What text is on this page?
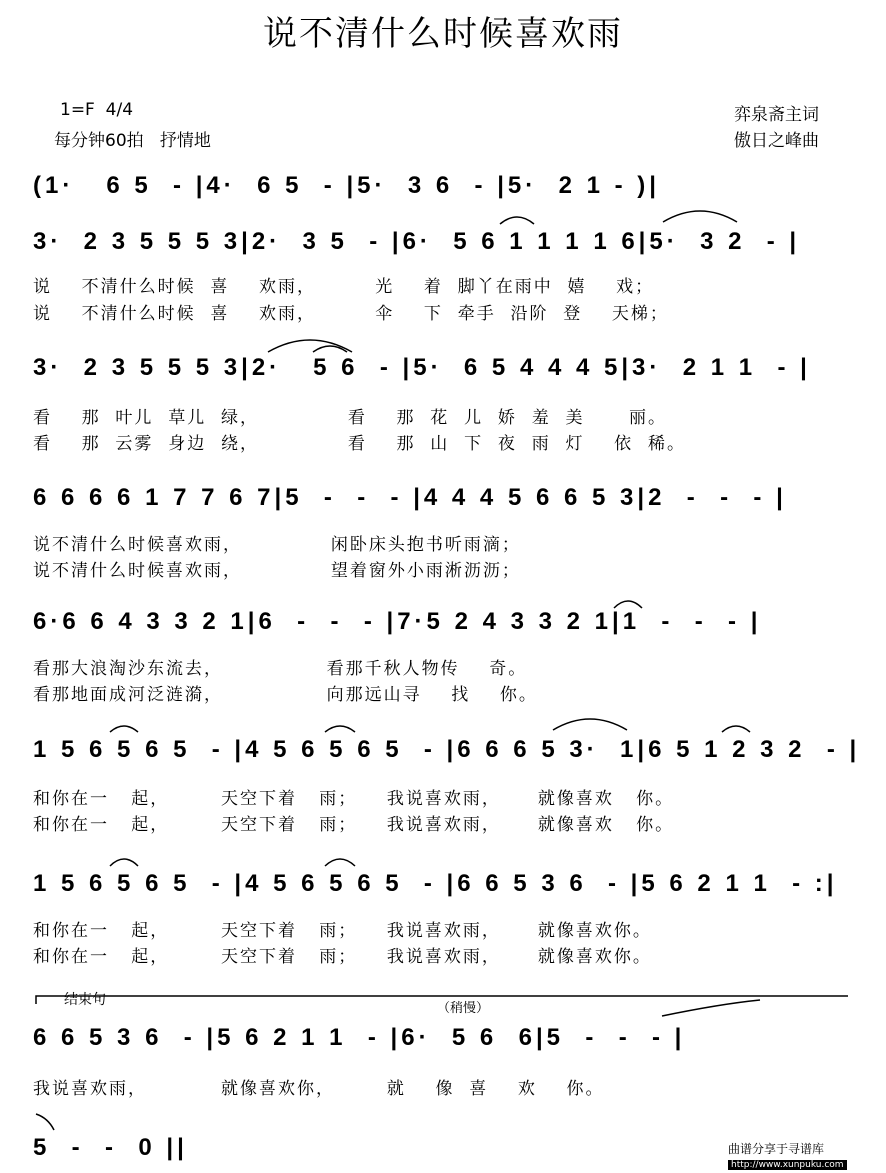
说不清什么时候喜欢雨
1=F  4/4
每分钟60拍   抒情地
弈泉斋主词
傲日之峰曲
(1·   6 5  - |4·  6 5  - |5·  3 6  - |5·  2 1 - )|
3·  2 3 5 5 5 3|2·  3 5  - |6·  5 6 1 1 1 1 6|5·  3 2  - |
说    不清什么时候  喜    欢雨，        光    着  脚丫在雨中  嬉    戏；
说    不清什么时候  喜    欢雨，        伞    下  牵手  沿阶  登    天梯；
3·  2 3 5 5 5 3|2·   5 6  - |5·  6 5 4 4 4 5|3·  2 1 1  - |
看    那  叶儿  草儿  绿，            看    那  花  儿  娇  羞  美      丽。
看    那  云雾  身边  绕，            看    那  山  下  夜  雨  灯    依  稀。
6 6 6 6 1 7 7 6 7|5  -  -  - |4 4 4 5 6 6 5 3|2  -  -  - |
说不清什么时候喜欢雨，            闲卧床头抱书听雨滴；
说不清什么时候喜欢雨，            望着窗外小雨淅沥沥；
6·6 6 4 3 3 2 1|6  -  -  - |7·5 2 4 3 3 2 1|1  -  -  - |
看那大浪淘沙东流去，              看那千秋人物传    奇。
看那地面成河泛涟漪，              向那远山寻    找    你。
1 5 6 5 6 5  - |4 5 6 5 6 5  - |6 6 6 5 3·  1|6 5 1 2 3 2  - |
和你在一   起，       天空下着   雨；    我说喜欢雨，     就像喜欢   你。
和你在一   起，       天空下着   雨；    我说喜欢雨，     就像喜欢   你。
1 5 6 5 6 5  - |4 5 6 5 6 5  - |6 6 5 3 6  - |5 6 2 1 1  - :|
和你在一   起，       天空下着   雨；    我说喜欢雨，     就像喜欢你。
和你在一   起，       天空下着   雨；    我说喜欢雨，     就像喜欢你。
结束句
（稍慢）
6 6 5 3 6  - |5 6 2 1 1  - |6·  5 6  6|5  -  -  - |
我说喜欢雨，          就像喜欢你，       就    像  喜    欢    你。
5  -  -  0 ||	曲谱分享于寻谱库
http://www.xunpuku.com
